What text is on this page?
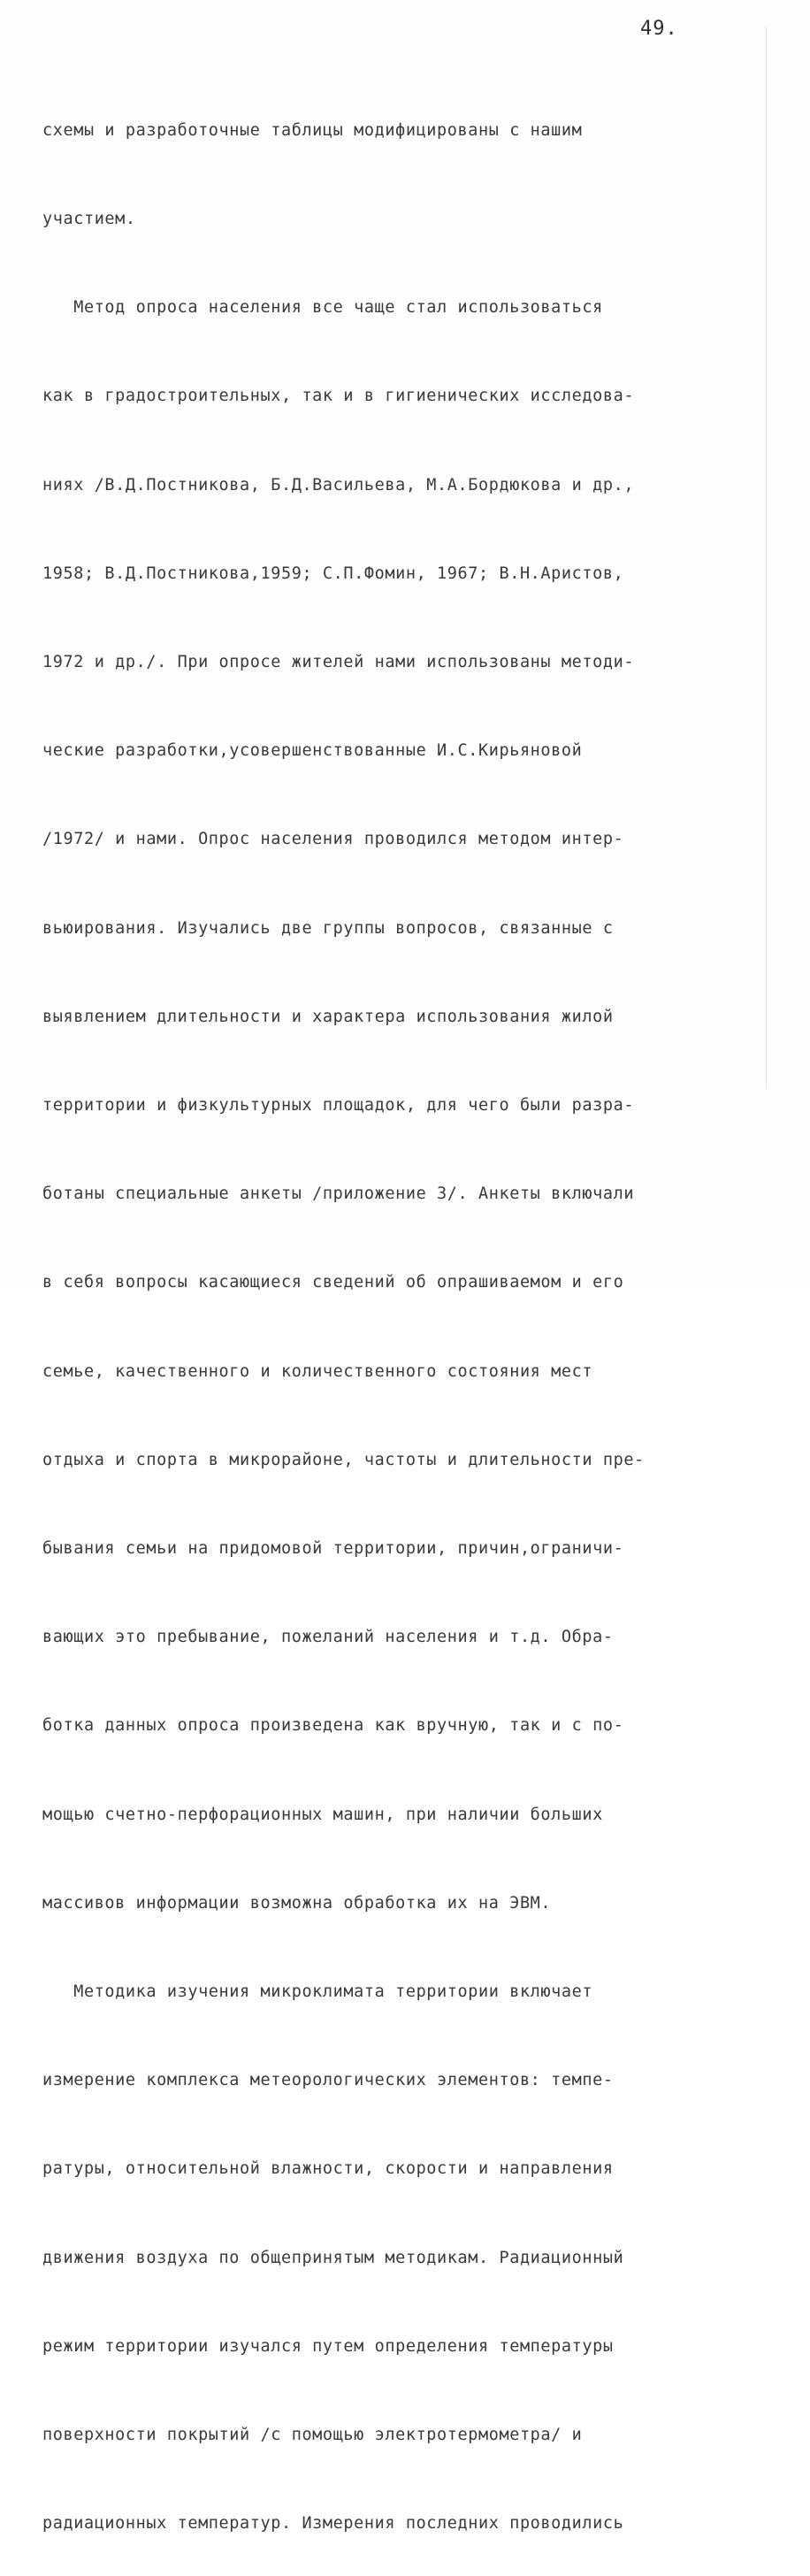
49.

схемы и разработочные таблицы модифицированы с нашим

участием.

Метод опроса населения все чаще стал использоваться

как в градостроительных, так и в гигиенических исследова-

ниях /В.Д.Постникова, Б.Д.Васильева, М.А.Бордюкова и др.,

1958; В.Д.Постникова,1959; С.П.Фомин, 1967; В.Н.Аристов,

1972 и др./. При опросе жителей нами использованы методи-

ческие разработки,усовершенствованные И.С.Кирьяновой

/1972/ и нами. Опрос населения проводился методом интер-

вьюирования. Изучались две группы вопросов, связанные с

выявлением длительности и характера использования жилой

территории и физкультурных площадок, для чего были разра-

ботаны специальные анкеты /приложение 3/. Анкеты включали

в себя вопросы касающиеся сведений об опрашиваемом и его

семье, качественного и количественного состояния мест

отдыха и спорта в микрорайоне, частоты и длительности пре-

бывания семьи на придомовой территории, причин,ограничи-

вающих это пребывание, пожеланий населения и т.д. Обра-

ботка данных опроса произведена как вручную, так и с по-

мощью счетно-перфорационных машин, при наличии больших

массивов информации возможна обработка их на ЭВМ.

Методика изучения микроклимата территории включает

измерение комплекса метеорологических элементов: темпе-

ратуры, относительной влажности, скорости и направления

движения воздуха по общепринятым методикам. Радиационный

режим территории изучался путем определения температуры

поверхности покрытий /с помощью электротермометра/ и

радиационных температур. Измерения последних проводились
